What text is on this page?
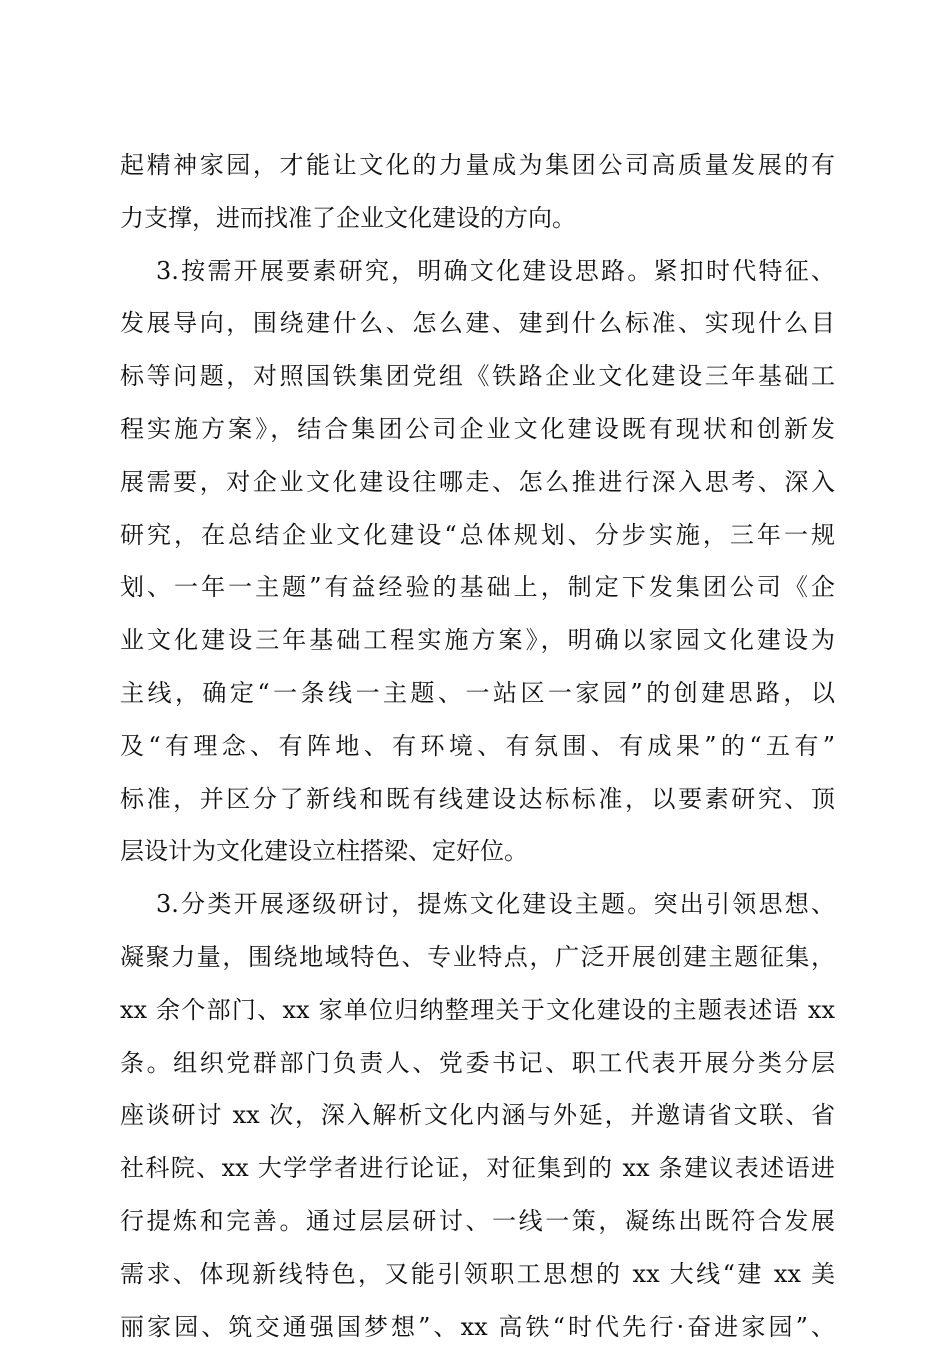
起精神家园，才能让文化的力量成为集团公司高质量发展的有
力支撑，进而找准了企业文化建设的方向。
3.按需开展要素研究，明确文化建设思路。紧扣时代特征、
发展导向，围绕建什么、怎么建、建到什么标准、实现什么目
标等问题，对照国铁集团党组《铁路企业文化建设三年基础工
程实施方案》，结合集团公司企业文化建设既有现状和创新发
展需要，对企业文化建设往哪走、怎么推进行深入思考、深入
研究，在总结企业文化建设“总体规划、分步实施，三年一规
划、一年一主题”有益经验的基础上，制定下发集团公司《企
业文化建设三年基础工程实施方案》，明确以家园文化建设为
主线，确定“一条线一主题、一站区一家园”的创建思路，以
及“有理念、有阵地、有环境、有氛围、有成果”的“五有”
标准，并区分了新线和既有线建设达标标准，以要素研究、顶
层设计为文化建设立柱搭梁、定好位。
3.分类开展逐级研讨，提炼文化建设主题。突出引领思想、
凝聚力量，围绕地域特色、专业特点，广泛开展创建主题征集，
xx 余个部门、xx 家单位归纳整理关于文化建设的主题表述语 xx
条。组织党群部门负责人、党委书记、职工代表开展分类分层
座谈研讨 xx 次，深入解析文化内涵与外延，并邀请省文联、省
社科院、xx 大学学者进行论证，对征集到的 xx 条建议表述语进
行提炼和完善。通过层层研讨、一线一策，凝练出既符合发展
需求、体现新线特色，又能引领职工思想的 xx 大线“建 xx 美
丽家园、筑交通强国梦想”、xx 高铁“时代先行·奋进家园”、
